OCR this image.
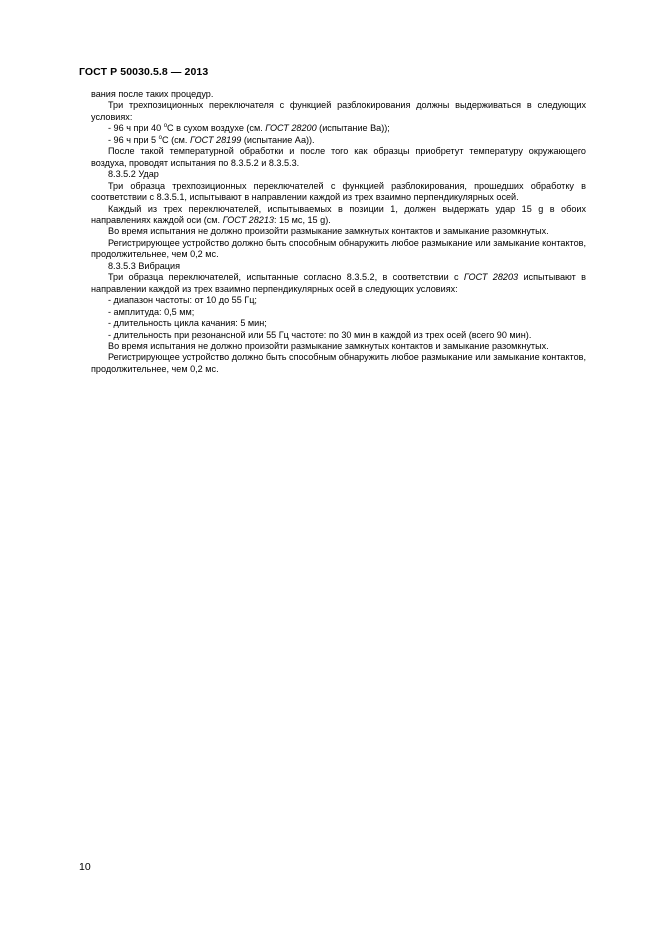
ГОСТ Р 50030.5.8 — 2013

вания после таких процедур.

Три трехпозиционных переключателя с функцией разблокирования должны выдерживаться в следующих условиях:

- 96 ч при 40 $^о$С в сухом воздухе (см. ГОСТ 28200 (испытание Ва));

- 96 ч при 5 $^о$С (см. ГОСТ 28199 (испытание Аа)).

После такой температурной обработки и после того как образцы приобретут температуру окружающего воздуха, проводят испытания по 8.3.5.2 и 8.3.5.3.

8.3.5.2 Удар

Три образца трехпозиционных переключателей с функцией разблокирования, прошедших обработку в соответствии с 8.3.5.1, испытывают в направлении каждой из трех взаимно перпендикулярных осей.

Каждый из трех переключателей, испытываемых в позиции 1, должен выдержать удар 15 g в обоих направлениях каждой оси (см. ГОСТ 28213: 15 мс, 15 g).

Во время испытания не должно произойти размыкание замкнутых контактов и замыкание разомкнутых.

Регистрирующее устройство должно быть способным обнаружить любое размыкание или замыкание контактов, продолжительнее, чем 0,2 мс.

8.3.5.3 Вибрация

Три образца переключателей, испытанные согласно 8.3.5.2, в соответствии с ГОСТ 28203 испытывают в направлении каждой из трех взаимно перпендикулярных осей в следующих условиях:

- диапазон частоты: от 10 до 55 Гц;

- амплитуда: 0,5 мм;

- длительность цикла качания: 5 мин;

- длительность при резонансной или 55 Гц частоте: по 30 мин в каждой из трех осей (всего 90 мин).

Во время испытания не должно произойти размыкание замкнутых контактов и замыкание разомкнутых.

Регистрирующее устройство должно быть способным обнаружить любое размыкание или замыкание контактов, продолжительнее, чем 0,2 мс.

10
